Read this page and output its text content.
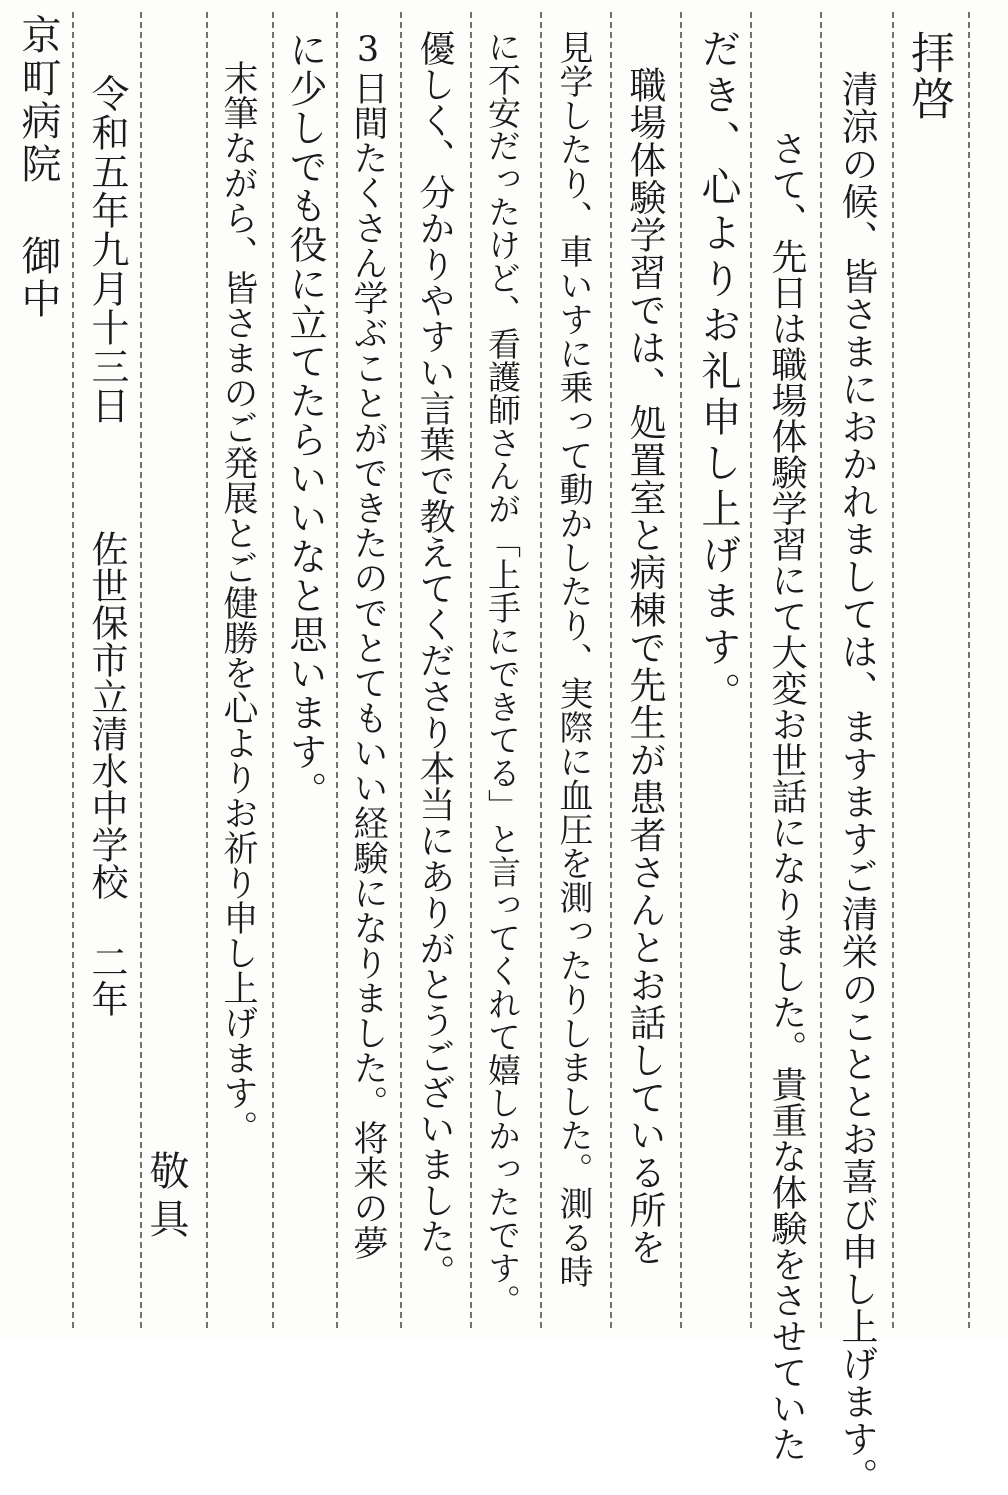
拝啓
清涼の候、皆さまにおかれましては、ますますご清栄のこととお喜び申し上げます。
さて、先日は職場体験学習にて大変お世話になりました。貴重な体験をさせていた
だき、心よりお礼申し上げます。
職場体験学習では、処置室と病棟で先生が患者さんとお話している所を
見学したり、車いすに乗って動かしたり、実際に血圧を測ったりしました。測る時
に不安だったけど、看護師さんが「上手にできてる」と言ってくれて嬉しかったです。
優しく、分かりやすい言葉で教えてくださり本当にありがとうございました。
3日間たくさん学ぶことができたのでとてもいい経験になりました。将来の夢
に少しでも役に立てたらいいなと思います。
末筆ながら、皆さまのご発展とご健勝を心よりお祈り申し上げます。
敬具
令和五年九月十三日
佐世保市立清水中学校 二年
京町病院 御中
